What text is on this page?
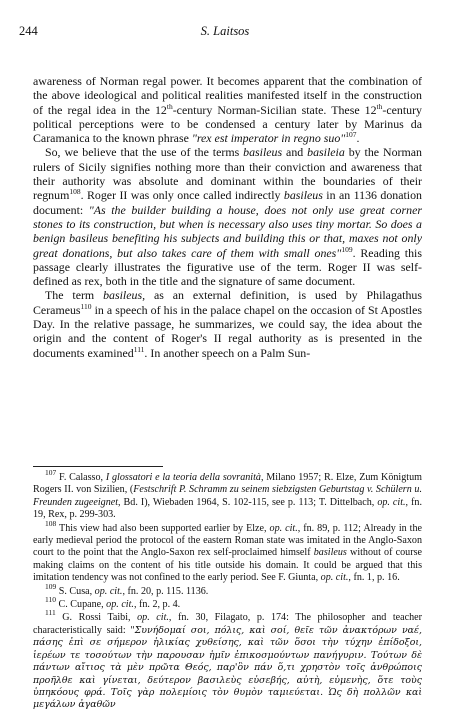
244	S. Laitsos

awareness of Norman regal power. It becomes apparent that the combination of the above ideological and political realities manifested itself in the construction of the regal idea in the 12th-century Norman-Sicilian state. These 12th-century political perceptions were to be condensed a century later by Marinus da Caramanica to the known phrase "rex est imperator in regno suo"$^{107}$.

So, we believe that the use of the terms basileus and basileia by the Norman rulers of Sicily signifies nothing more than their conviction and awareness that their authority was absolute and dominant within the boundaries of their regnum$^{108}$. Roger II was only once called indirectly basileus in an 1136 donation document: "As the builder building a house, does not only use great corner stones to its construction, but when is necessary also uses tiny mortar. So does a benign basileus benefiting his subjects and building this or that, maxes not only great donations, but also takes care of them with small ones"$^{109}$. Reading this passage clearly illustrates the figurative use of the term. Roger II was self-defined as rex, both in the title and the signature of same document.

The term basileus, as an external definition, is used by Philagathus Cerameus$^{110}$ in a speech of his in the palace chapel on the occasion of St Apostles Day. In the relative passage, he summarizes, we could say, the idea about the origin and the content of Roger's II regal authority as is presented in the documents examined$^{111}$. In another speech on a Palm Sun-

$^{107}$ F. Calasso, I glossatori e la teoria della sovranità, Milano 1957; R. Elze, Zum Königtum Rogers II. von Sizilien, (Festschrift P. Schramm zu seinem siebzigsten Geburtstag v. Schülern u. Freunden zugeeignet, Bd. I), Wiebaden 1964, S. 102-115, see p. 113; T. Dittelbach, op. cit., fn. 19, Rex, p. 299-303.

$^{108}$ This view had also been supported earlier by Elze, op. cit., fn. 89, p. 112; Already in the early medieval period the protocol of the eastern Roman state was imitated in the Anglo-Saxon court to the point that the Anglo-Saxon rex self-proclaimed himself basileus without of course making claims on the content of his title outside his domain. It could be argued that this imitation tendency was not confined to the early period. See F. Giunta, op. cit., fn. 1, p. 16.

$^{109}$ S. Cusa, op. cit., fn. 20, p. 115. 1136.

$^{110}$ C. Cupane, op. cit., fn. 2, p. 4.

$^{111}$ G. Rossi Taibi, op. cit., fn. 30, Filagato, p. 174: The philosopher and teacher characteristically said: "Συνήδομαί σοι, πόλις, καὶ σοί, θεῖε τῶν ἀνακτόρων ναέ, πάσης ἐπὶ σε σήμερον ἡλικίας χυθείσης, καὶ τῶν ὅσοι τὴν τύχην ἐπίδοξοι, ἱερέων τε τοσούτων τὴν παρουσαν ἡμῖν ἐπικοσμούντων πανήγυριν. Τούτων δὲ πάντων αἴτιος τὰ μὲν πρῶτα Θεός, παρ'ὃν πάν ὅ,τι χρηστὸν τοῖς ἀνθρώποις προῆλθε καὶ γίνεται, δεύτερον βασιλεὺς εὐσεβής, αὐτὴ, εὐμενὴς, ὅτε τοὺς ὑπηκόους φρά. Τοῖς γὰρ πολεμίοις τὸν θυμὸν ταμιεύεται. Ὡς δὴ πολλῶν καὶ μεγάλων ἀγαθῶν
